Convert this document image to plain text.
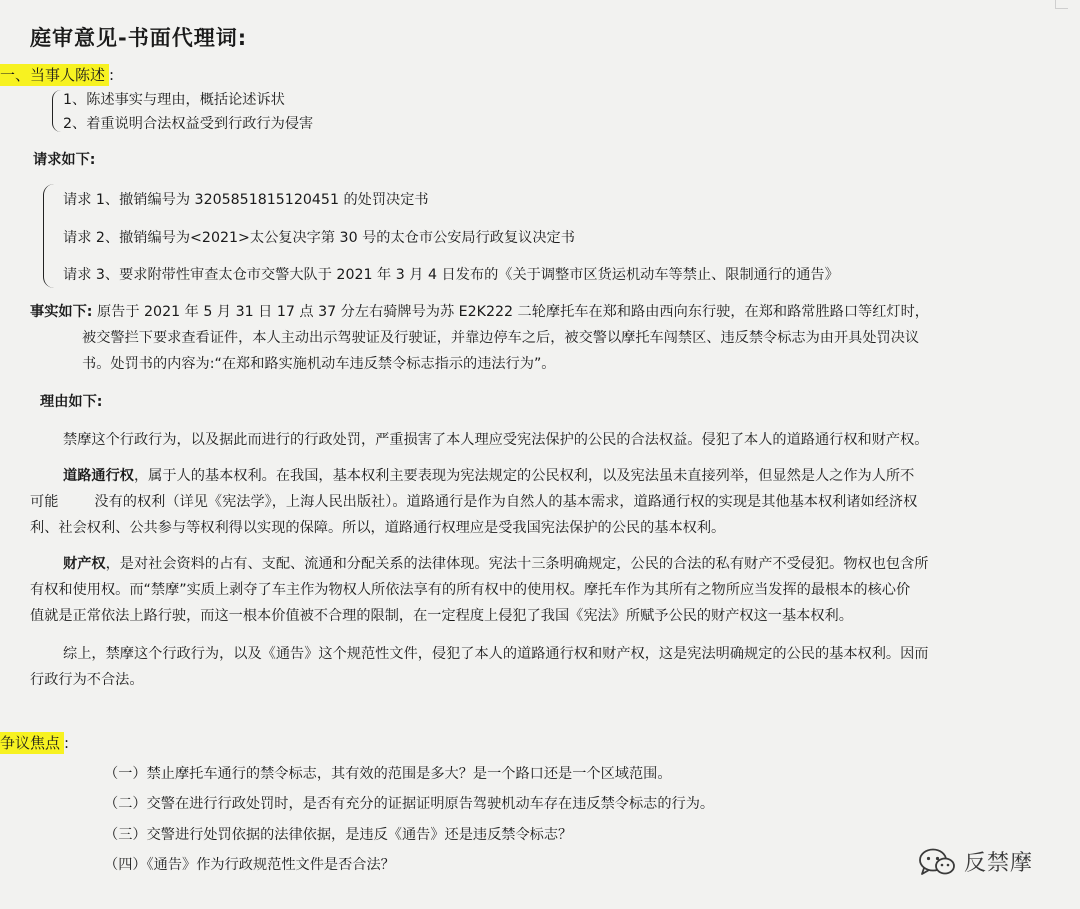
庭审意见-书面代理词:
一、当事人陈述 :
1、陈述事实与理由，概括论述诉状
2、着重说明合法权益受到行政行为侵害
请求如下:
请求 1、撤销编号为 3205851815120451 的处罚决定书
请求 2、撤销编号为<2021>太公复决字第 30 号的太仓市公安局行政复议决定书
请求 3、要求附带性审查太仓市交警大队于 2021 年 3 月 4 日发布的《关于调整市区货运机动车等禁止、限制通行的通告》
事实如下: 原告于 2021 年 5 月 31 日 17 点 37 分左右骑牌号为苏 E2K222 二轮摩托车在郑和路由西向东行驶，在郑和路常胜路口等红灯时，
被交警拦下要求查看证件，本人主动出示驾驶证及行驶证，并靠边停车之后，被交警以摩托车闯禁区、违反禁令标志为由开具处罚决议
书。处罚书的内容为:“在郑和路实施机动车违反禁令标志指示的违法行为”。
理由如下:
禁摩这个行政行为，以及据此而进行的行政处罚，严重损害了本人理应受宪法保护的公民的合法权益。侵犯了本人的道路通行权和财产权。
道路通行权，属于人的基本权利。在我国，基本权利主要表现为宪法规定的公民权利，以及宪法虽未直接列举，但显然是人之作为人所不
可能	没有的权利（详见《宪法学》，上海人民出版社）。道路通行是作为自然人的基本需求，道路通行权的实现是其他基本权利诸如经济权
利、社会权利、公共参与等权利得以实现的保障。所以，道路通行权理应是受我国宪法保护的公民的基本权利。
财产权，是对社会资料的占有、支配、流通和分配关系的法律体现。宪法十三条明确规定，公民的合法的私有财产不受侵犯。物权也包含所
有权和使用权。而“禁摩”实质上剥夺了车主作为物权人所依法享有的所有权中的使用权。摩托车作为其所有之物所应当发挥的最根本的核心价
值就是正常依法上路行驶，而这一根本价值被不合理的限制，在一定程度上侵犯了我国《宪法》所赋予公民的财产权这一基本权利。
综上，禁摩这个行政行为，以及《通告》这个规范性文件，侵犯了本人的道路通行权和财产权，这是宪法明确规定的公民的基本权利。因而
行政行为不合法。
争议焦点 :
（一）禁止摩托车通行的禁令标志，其有效的范围是多大？是一个路口还是一个区域范围。
（二）交警在进行行政处罚时，是否有充分的证据证明原告驾驶机动车存在违反禁令标志的行为。
（三）交警进行处罚依据的法律依据，是违反《通告》还是违反禁令标志？
（四）《通告》作为行政规范性文件是否合法？	反禁摩
